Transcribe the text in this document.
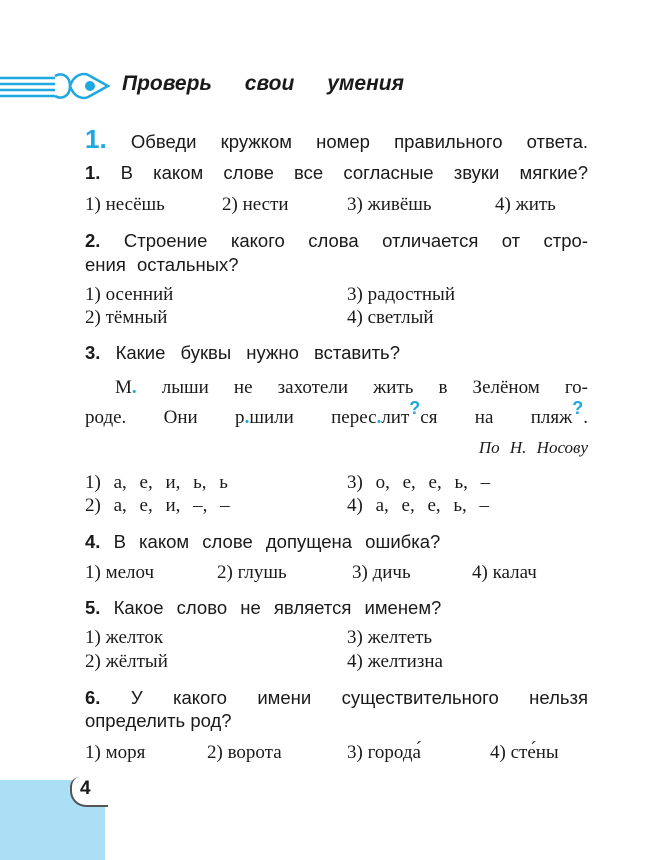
Проверь свои умения
1. Обведи кружком номер правильного ответа.
1. В каком слове все согласные звуки мягкие?
1) несёшь	2) нести	3) живёшь	4) жить
2. Строение какого слова отличается от стро-
ения остальных?
1) осенний	3) радостный
2) тёмный	4) светлый
3. Какие буквы нужно вставить?
М. лыши не захотели жить в Зелёном го-
роде. Они р.шили перес.лит?ся на пляж?.
По Н. Носову
1) а, е, и, ь, ь	3) о, е, е, ь, –
2) а, е, и, –, –	4) а, е, е, ь, –
4. В каком слове допущена ошибка?
1) мелоч	2) глушь	3) дичь	4) калач
5. Какое слово не является именем?
1) желток	3) желтеть
2) жёлтый	4) желтизна
6. У какого имени существительного нельзя
определить род?
1) моря	2) ворота	3) города́	4) сте́ны
4
